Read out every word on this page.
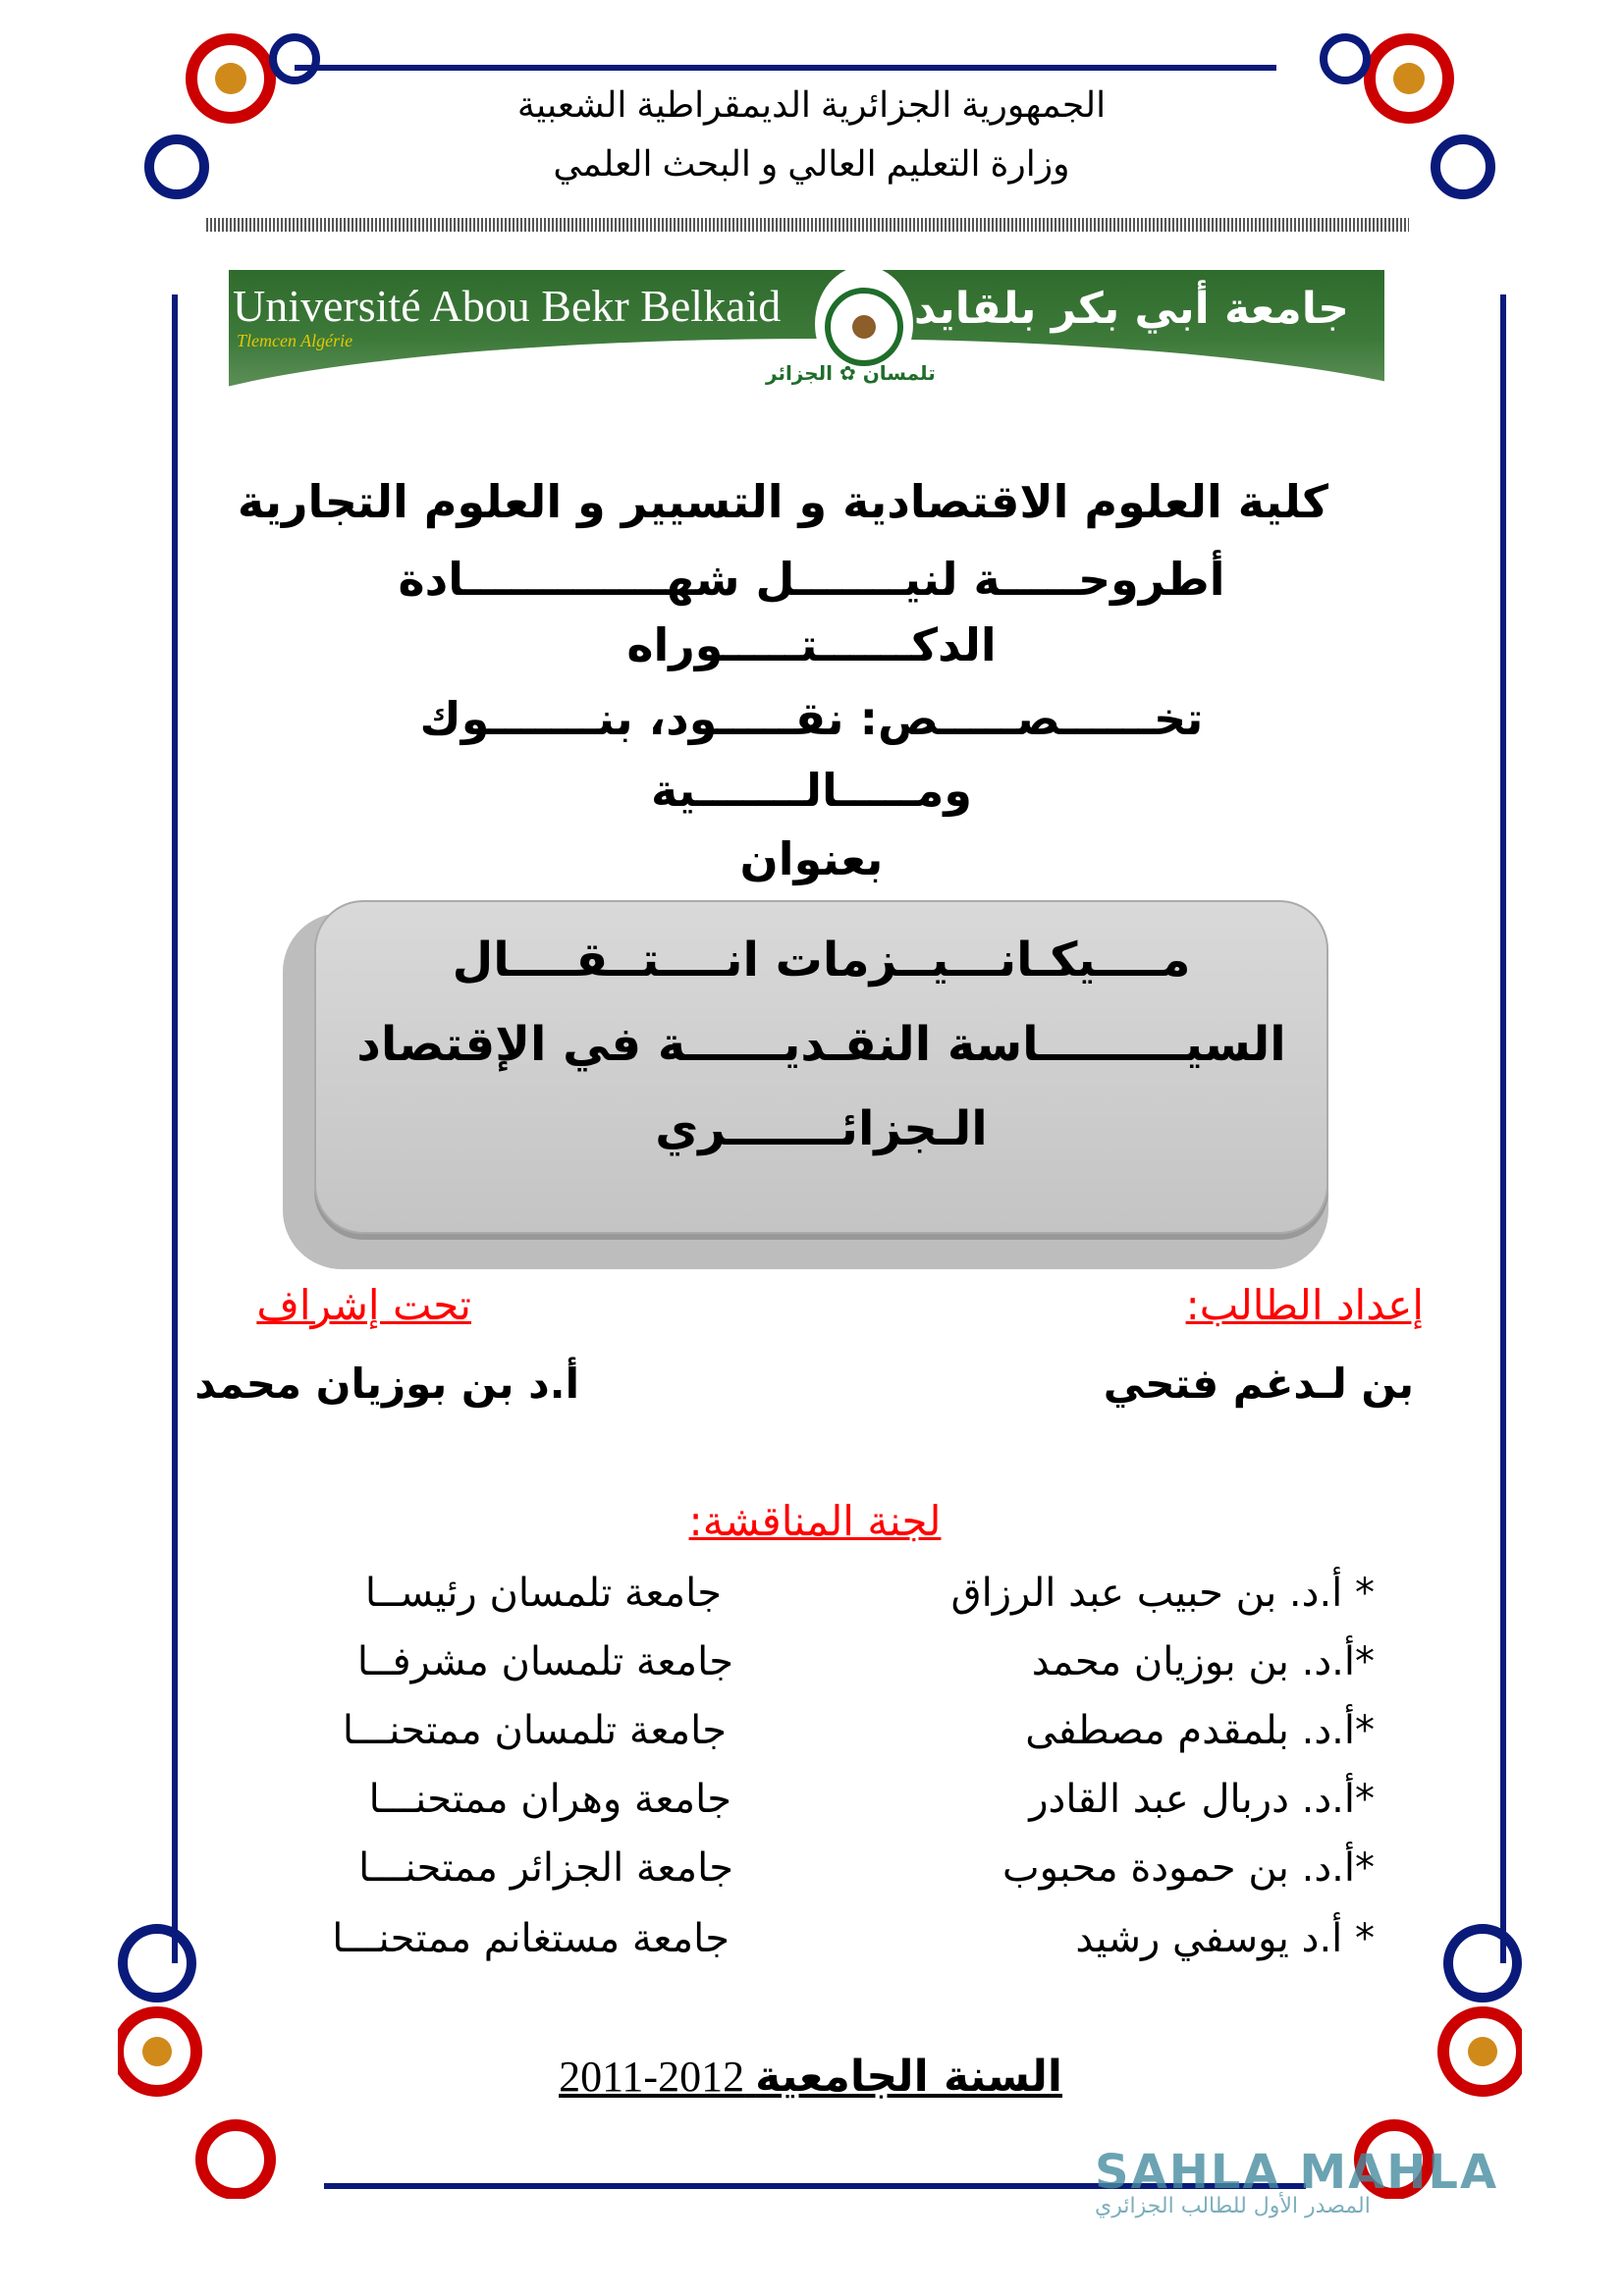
الجمهورية الجزائرية الديمقراطية الشعبية
وزارة التعليم العالي و البحث العلمي
Université Abou Bekr Belkaid
Tlemcen Algérie
جامعة أبي بكر بلقايد
تلمسان ✿ الجزائر
كلية العلوم الاقتصادية و التسيير و العلوم التجارية
أطروحـــــة لنيـــــــل شهـــــــــــــادة
الدكــــــتـــــوراه
تخــــــصـــــص: نقـــــود، بنـــــــوك
ومـــــالـــــــية
بعنوان
مــــيكـانـــيــزمات انــــتــقــــال
السيـــــــــاسة النقـديــــــة في الإقتصاد
الـجزائـــــــري
إعداد الطالب:
تحت إشراف
بن لـدغم فتحي
أ.د بن بوزيان محمد
لجنة المناقشة:
* أ.د. بن حبيب عبد الرزاق
جامعة تلمسان رئيســا
*أ.د. بن بوزيان محمد
جامعة تلمسان مشرفــا
*أ.د. بلمقدم مصطفى
جامعة تلمسان ممتحنـــا
*أ.د. دربال عبد القادر
جامعة وهران ممتحنـــا
*أ.د. بن حمودة محبوب
جامعة الجزائر ممتحنـــا
* أ.د يوسفي رشيد
جامعة مستغانم ممتحنـــا
السنة الجامعية 2011-2012
SAHLA MAHLA
المصدر الأول للطالب الجزائري
